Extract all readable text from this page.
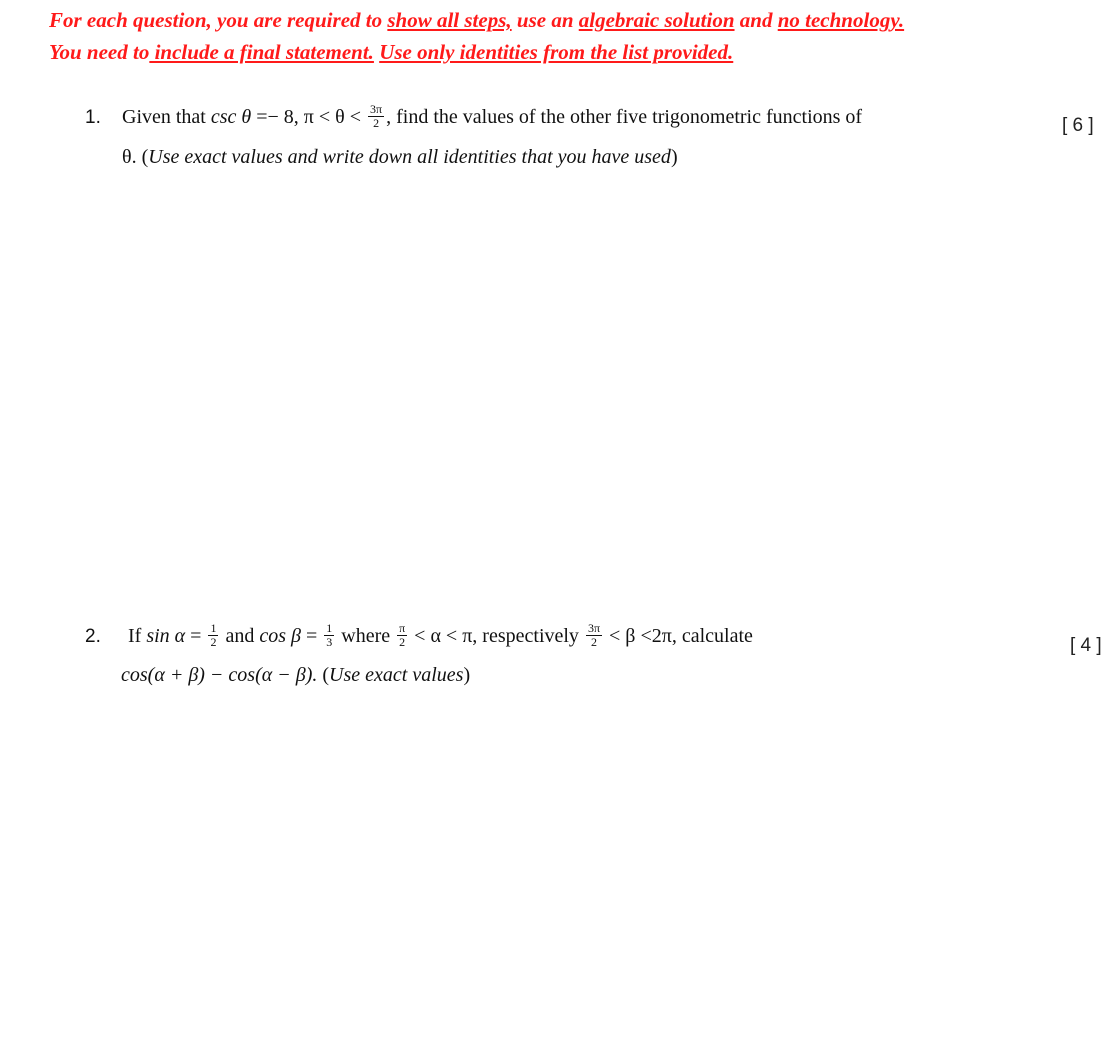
For each question, you are required to show all steps, use an algebraic solution and no technology.
You need to include a final statement. Use only identities from the list provided.
1. Given that csc θ =− 8, $\pi < \theta < \frac{3\pi}{2}$ , find the values of the other five trigonometric functions of
θ. (Use exact values and write down all identities that you have used)
[ 6 ]
2. If $\sin \alpha = \frac{1}{2}$ and $\cos \beta = \frac{1}{3}$ where $\frac{\pi}{2} < \alpha < \pi$, respectively $\frac{3\pi}{2} < \beta <2\pi$, calculate
cos(α + β) − cos(α − β). (Use exact values)
[ 4 ]
